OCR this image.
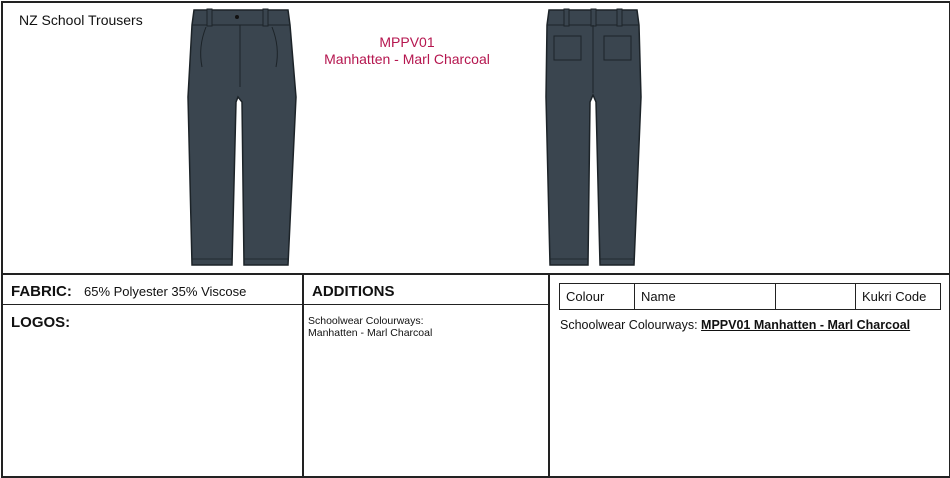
NZ School Trousers
MPPV01
Manhatten - Marl Charcoal
FABRIC: 65% Polyester 35% Viscose
LOGOS:
ADDITIONS
Schoolwear Colourways:
Manhatten - Marl Charcoal
Colour	Name		Kukri Code
Schoolwear Colourways: MPPV01 Manhatten - Marl Charcoal
